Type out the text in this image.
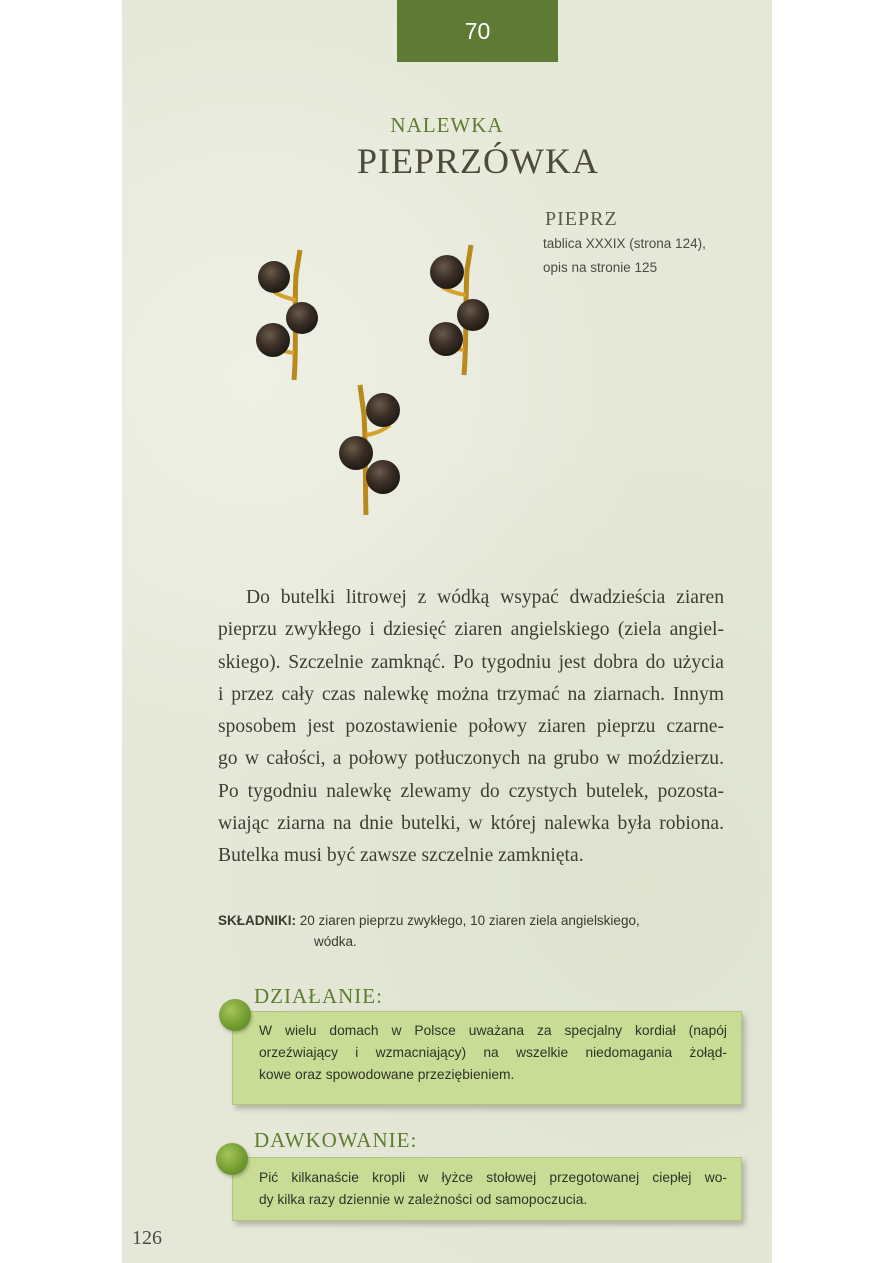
70
NALEWKA
PIEPRZÓWKA
PIEPRZ
tablica XXXIX (strona 124),
opis na stronie 125
Do butelki litrowej z wódką wsypać dwadzieścia ziaren
pieprzu zwykłego i dziesięć ziaren angielskiego (ziela angiel-
skiego). Szczelnie zamknąć. Po tygodniu jest dobra do użycia
i przez cały czas nalewkę można trzymać na ziarnach. Innym
sposobem jest pozostawienie połowy ziaren pieprzu czarne-
go w całości, a połowy potłuczonych na grubo w moździerzu.
Po tygodniu nalewkę zlewamy do czystych butelek, pozosta-
wiając ziarna na dnie butelki, w której nalewka była robiona.
Butelka musi być zawsze szczelnie zamknięta.
SKŁADNIKI: 20 ziaren pieprzu zwykłego, 10 ziaren ziela angielskiego,
wódka.
DZIAŁANIE:
W wielu domach w Polsce uważana za specjalny kordiał (napój
orzeźwiający i wzmacniający) na wszelkie niedomagania żołąd-
kowe oraz spowodowane przeziębieniem.
DAWKOWANIE:
Pić kilkanaście kropli w łyżce stołowej przegotowanej ciepłej wo-
dy kilka razy dziennie w zależności od samopoczucia.
126
